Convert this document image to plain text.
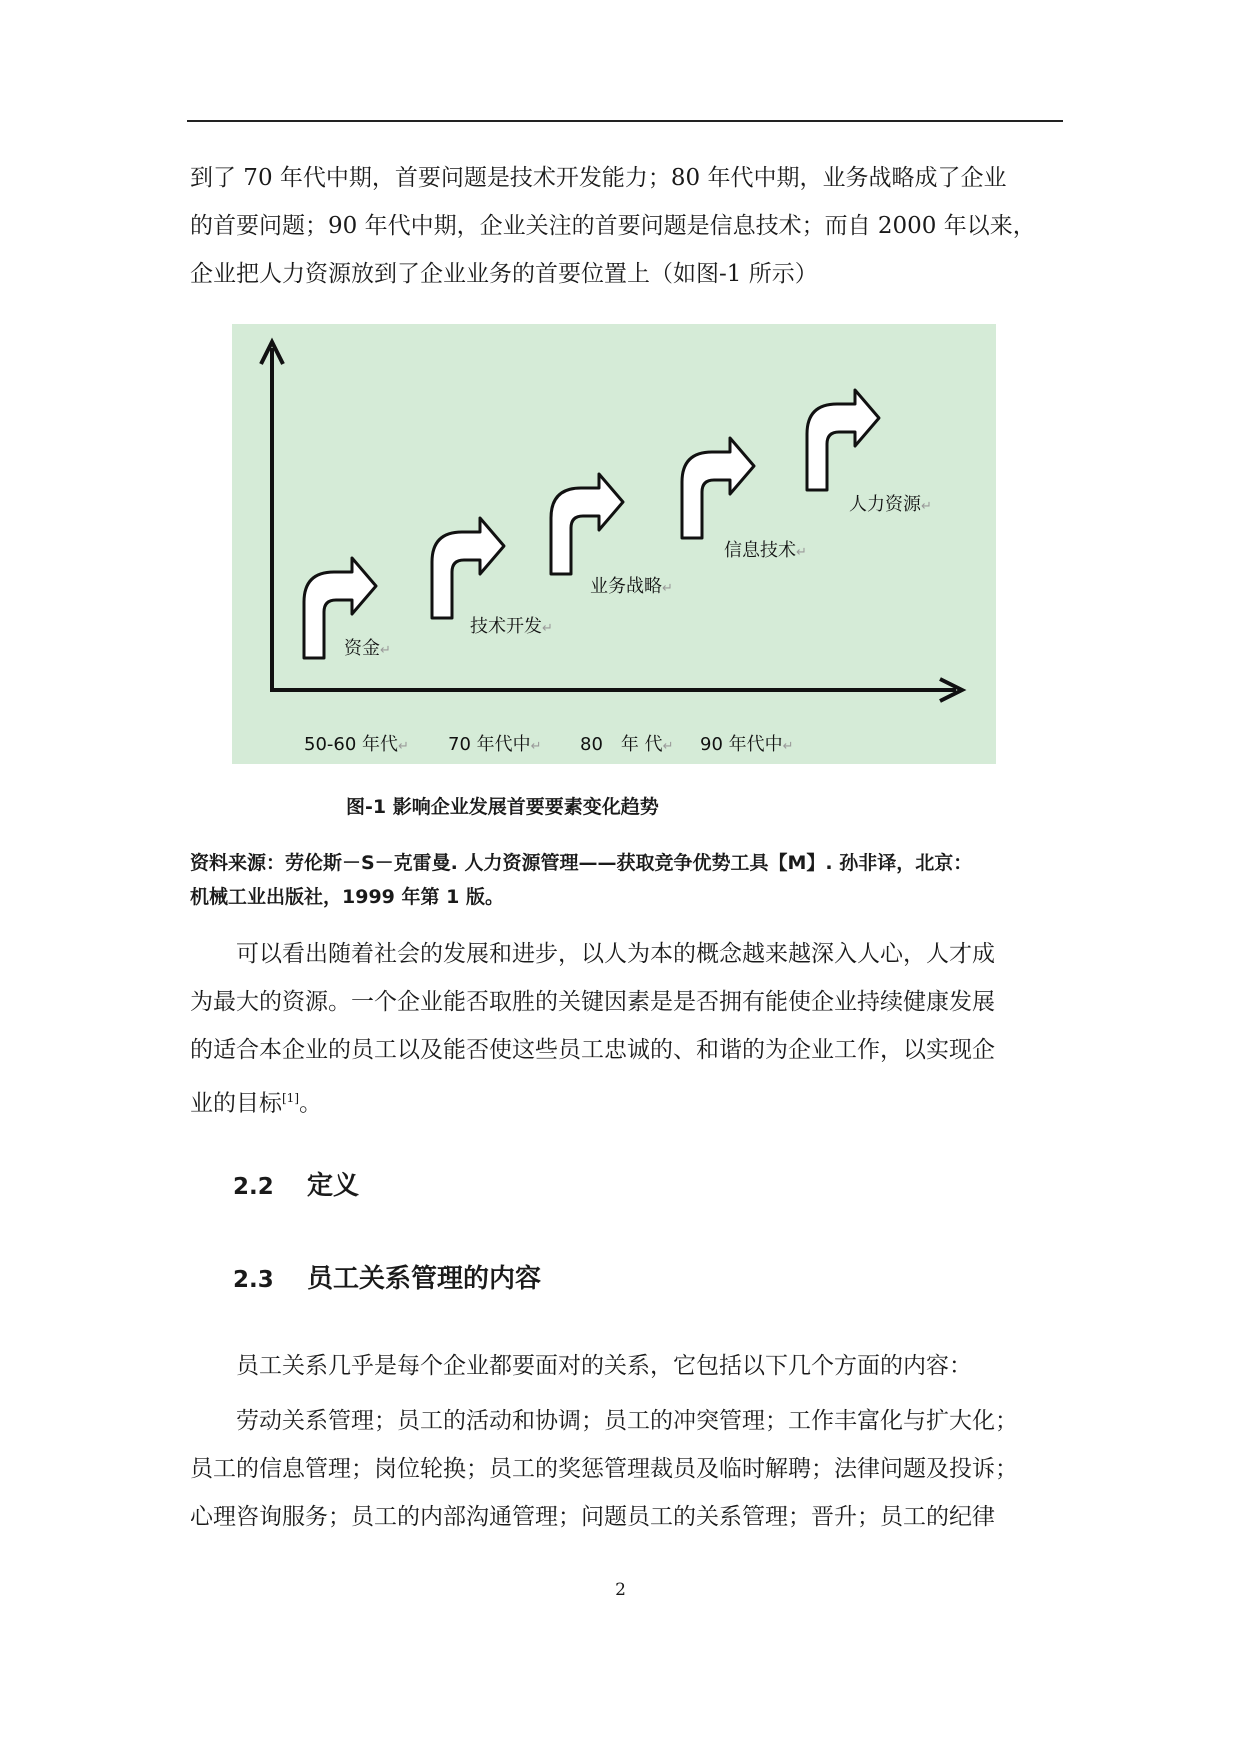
到了 70 年代中期，首要问题是技术开发能力；80 年代中期，业务战略成了企业
的首要问题；90 年代中期，企业关注的首要问题是信息技术；而自 2000 年以来，
企业把人力资源放到了企业业务的首要位置上（如图-1 所示）
资金↵
技术开发↵
业务战略↵
信息技术↵
人力资源↵
50-60 年代↵ 70 年代中↵ 80　年 代↵ 90 年代中↵
图-1 影响企业发展首要要素变化趋势
资料来源：劳伦斯－S－克雷曼. 人力资源管理——获取竞争优势工具【M】. 孙非译，北京：
机械工业出版社，1999 年第 1 版。
可以看出随着社会的发展和进步，以人为本的概念越来越深入人心，人才成
为最大的资源。一个企业能否取胜的关键因素是是否拥有能使企业持续健康发展
的适合本企业的员工以及能否使这些员工忠诚的、和谐的为企业工作，以实现企
业的目标[1]。
2.2 定义
2.3 员工关系管理的内容
员工关系几乎是每个企业都要面对的关系，它包括以下几个方面的内容：
劳动关系管理；员工的活动和协调；员工的冲突管理；工作丰富化与扩大化；
员工的信息管理；岗位轮换；员工的奖惩管理裁员及临时解聘；法律问题及投诉；
心理咨询服务；员工的内部沟通管理；问题员工的关系管理；晋升；员工的纪律
2
